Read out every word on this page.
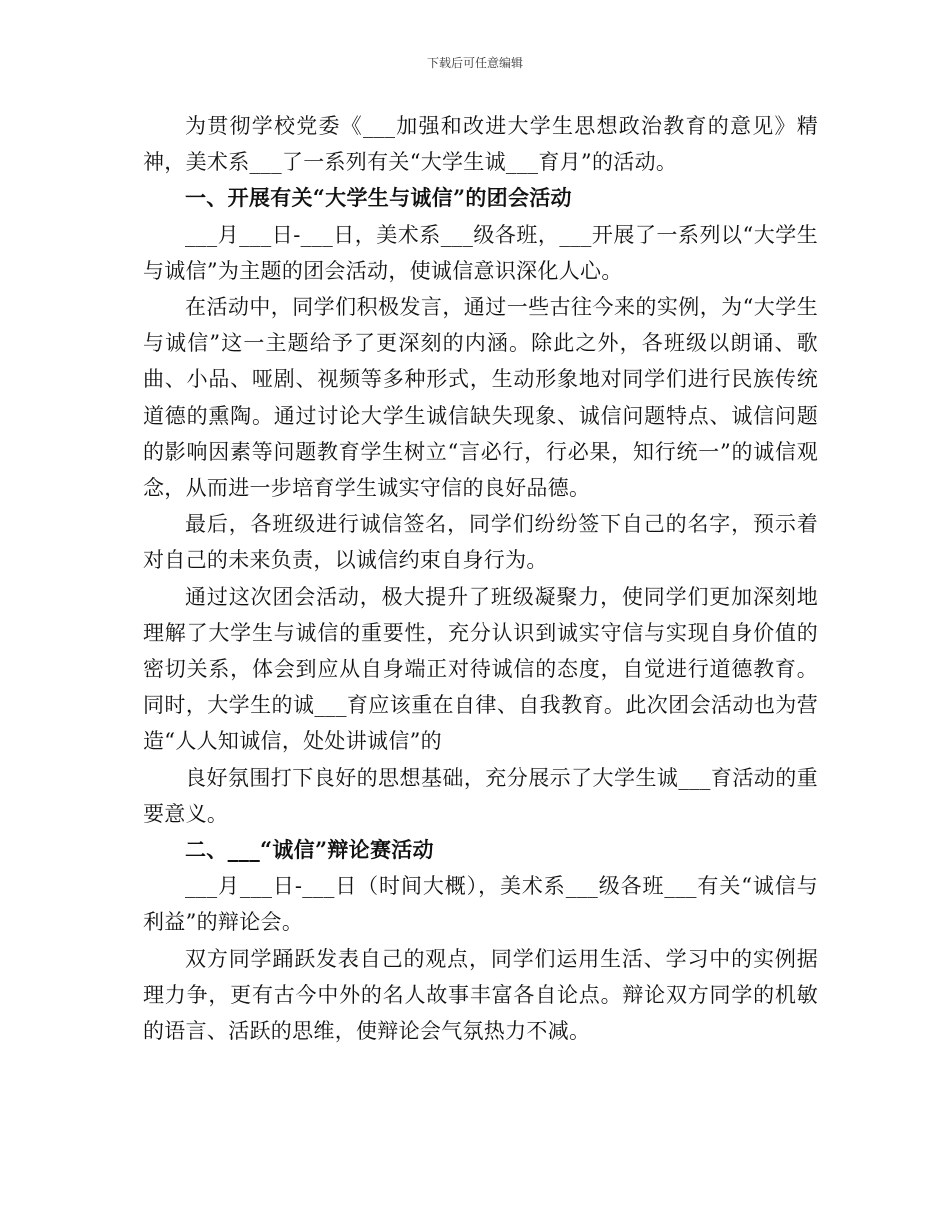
下载后可任意编辑

为贯彻学校党委《___加强和改进大学生思想政治教育的意见》精神，美术系___了一系列有关“大学生诚___育月”的活动。

一、开展有关“大学生与诚信”的团会活动

___月___日-___日，美术系___级各班，___开展了一系列以“大学生与诚信”为主题的团会活动，使诚信意识深化人心。

在活动中，同学们积极发言，通过一些古往今来的实例，为“大学生与诚信”这一主题给予了更深刻的内涵。除此之外，各班级以朗诵、歌曲、小品、哑剧、视频等多种形式，生动形象地对同学们进行民族传统道德的熏陶。通过讨论大学生诚信缺失现象、诚信问题特点、诚信问题的影响因素等问题教育学生树立“言必行，行必果，知行统一”的诚信观念，从而进一步培育学生诚实守信的良好品德。

最后，各班级进行诚信签名，同学们纷纷签下自己的名字，预示着对自己的未来负责，以诚信约束自身行为。

通过这次团会活动，极大提升了班级凝聚力，使同学们更加深刻地理解了大学生与诚信的重要性，充分认识到诚实守信与实现自身价值的密切关系，体会到应从自身端正对待诚信的态度，自觉进行道德教育。同时，大学生的诚___育应该重在自律、自我教育。此次团会活动也为营造“人人知诚信，处处讲诚信”的

良好氛围打下良好的思想基础，充分展示了大学生诚___育活动的重要意义。

二、___“诚信”辩论赛活动

___月___日-___日（时间大概），美术系___级各班___有关“诚信与利益”的辩论会。

双方同学踊跃发表自己的观点，同学们运用生活、学习中的实例据理力争，更有古今中外的名人故事丰富各自论点。辩论双方同学的机敏的语言、活跃的思维，使辩论会气氛热力不减。
